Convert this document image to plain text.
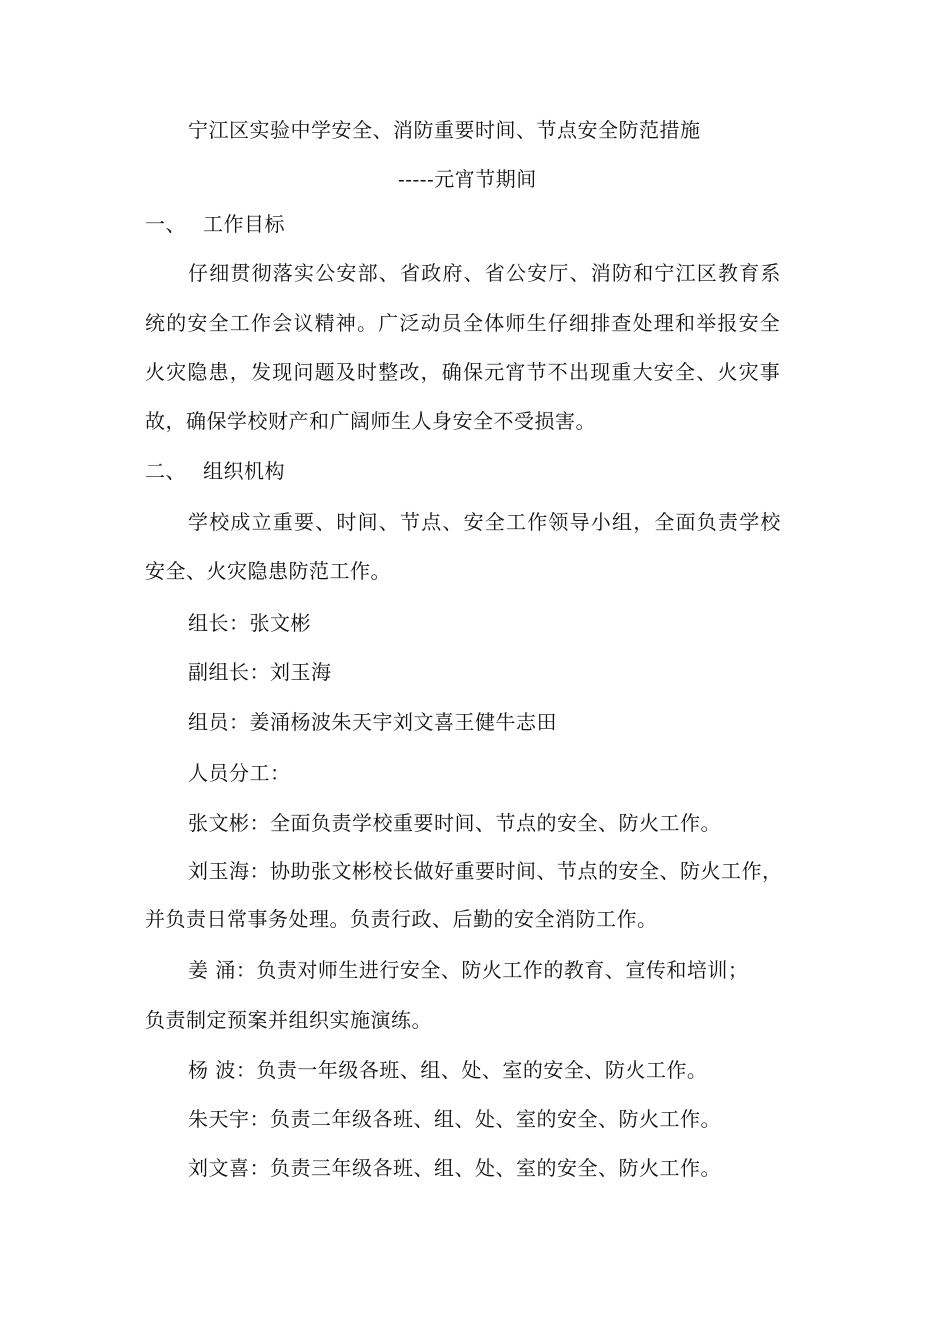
宁江区实验中学安全、消防重要时间、节点安全防范措施
-----元宵节期间
一、 工作目标
仔细贯彻落实公安部、省政府、省公安厅、消防和宁江区教育系
统的安全工作会议精神。广泛动员全体师生仔细排查处理和举报安全
火灾隐患，发现问题及时整改，确保元宵节不出现重大安全、火灾事
故，确保学校财产和广阔师生人身安全不受损害。
二、 组织机构
学校成立重要、时间、节点、安全工作领导小组，全面负责学校
安全、火灾隐患防范工作。
组长：张文彬
副组长：刘玉海
组员：姜涌杨波朱天宇刘文喜王健牛志田
人员分工：
张文彬：全面负责学校重要时间、节点的安全、防火工作。
刘玉海：协助张文彬校长做好重要时间、节点的安全、防火工作，
并负责日常事务处理。负责行政、后勤的安全消防工作。
姜 涌：负责对师生进行安全、防火工作的教育、宣传和培训；
负责制定预案并组织实施演练。
杨 波：负责一年级各班、组、处、室的安全、防火工作。
朱天宇：负责二年级各班、组、处、室的安全、防火工作。
刘文喜：负责三年级各班、组、处、室的安全、防火工作。
